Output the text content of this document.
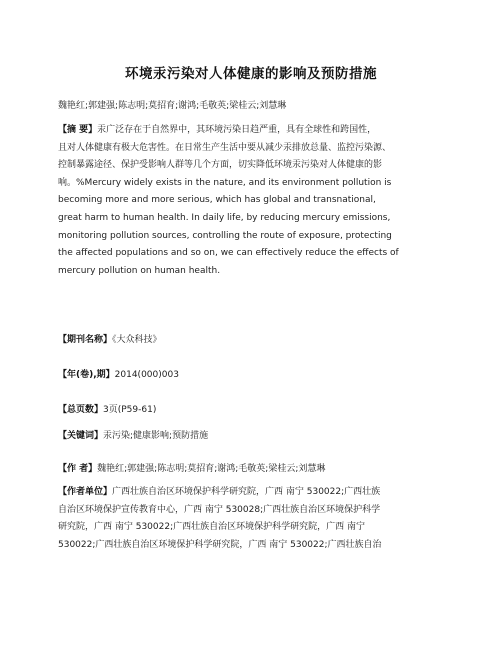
环境汞污染对人体健康的影响及预防措施
魏艳红;郭建强;陈志明;莫招育;谢鸿;毛敬英;梁桂云;刘慧琳
【摘 要】汞广泛存在于自然界中，其环境污染日趋严重，具有全球性和跨国性，
且对人体健康有极大危害性。在日常生产生活中要从减少汞排放总量、监控污染源、
控制暴露途径、保护受影响人群等几个方面，切实降低环境汞污染对人体健康的影
响。%Mercury widely exists in the nature, and its environment pollution is
becoming more and more serious, which has global and transnational,
great harm to human health. In daily life, by reducing mercury emissions,
monitoring pollution sources, controlling the route of exposure, protecting
the affected populations and so on, we can effectively reduce the effects of
mercury pollution on human health.
【期刊名称】《大众科技》
【年(卷),期】2014(000)003
【总页数】3页(P59-61)
【关键词】汞污染;健康影响;预防措施
【作 者】魏艳红;郭建强;陈志明;莫招育;谢鸿;毛敬英;梁桂云;刘慧琳
【作者单位】广西壮族自治区环境保护科学研究院，广西 南宁 530022;广西壮族
自治区环境保护宣传教育中心，广西 南宁 530028;广西壮族自治区环境保护科学
研究院，广西 南宁 530022;广西壮族自治区环境保护科学研究院，广西 南宁
530022;广西壮族自治区环境保护科学研究院，广西 南宁 530022;广西壮族自治
